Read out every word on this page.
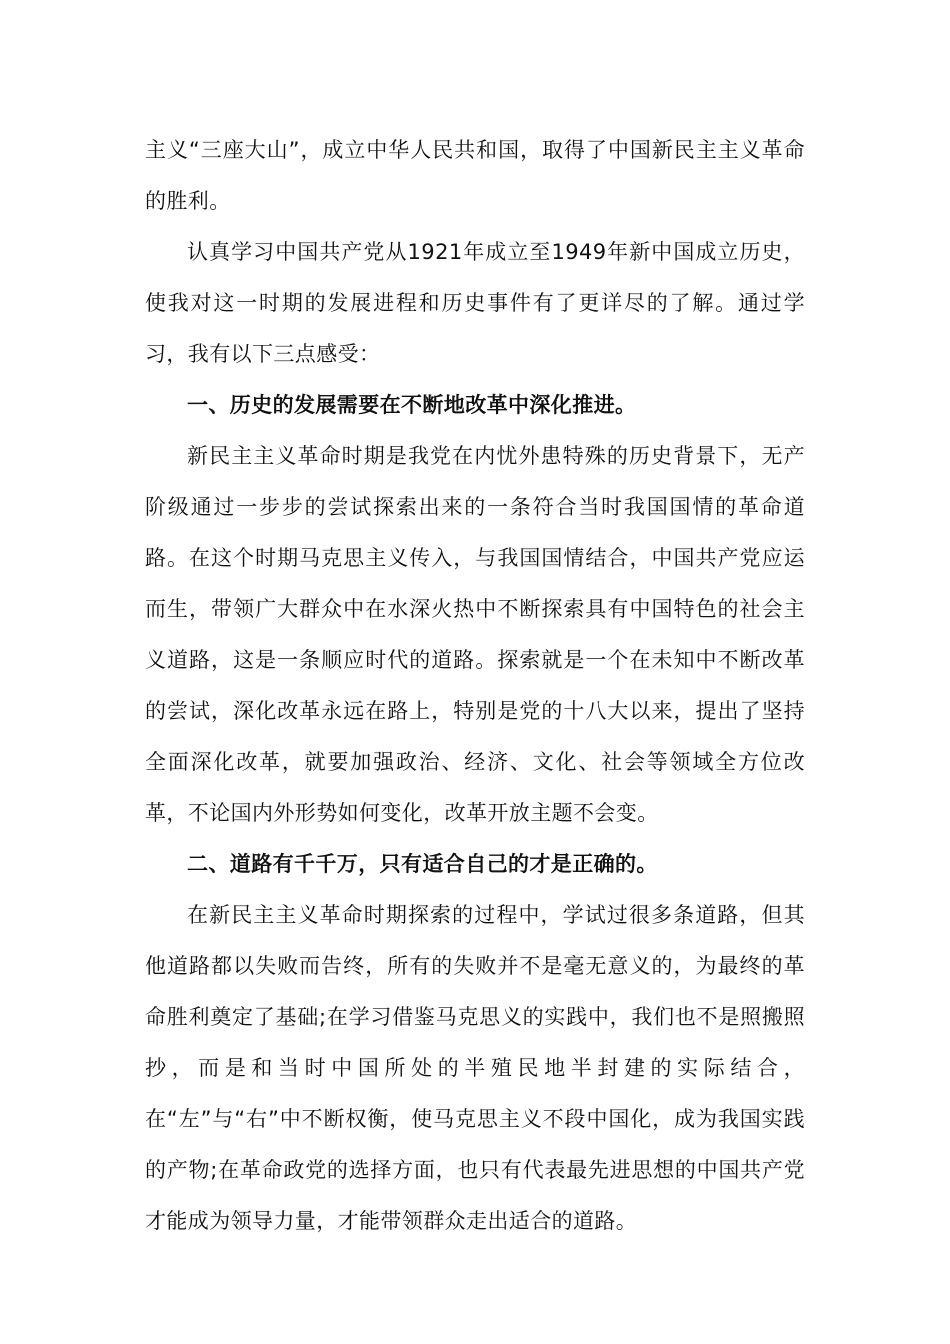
主义“三座大山”，成立中华人民共和国，取得了中国新民主主义革命的胜利。

认真学习中国共产党从1921年成立至1949年新中国成立历史，使我对这一时期的发展进程和历史事件有了更详尽的了解。通过学习，我有以下三点感受：

一、历史的发展需要在不断地改革中深化推进。

新民主主义革命时期是我党在内忧外患特殊的历史背景下，无产阶级通过一步步的尝试探索出来的一条符合当时我国国情的革命道路。在这个时期马克思主义传入，与我国国情结合，中国共产党应运而生，带领广大群众中在水深火热中不断探索具有中国特色的社会主义道路，这是一条顺应时代的道路。探索就是一个在未知中不断改革的尝试，深化改革永远在路上，特别是党的十八大以来，提出了坚持全面深化改革，就要加强政治、经济、文化、社会等领域全方位改革，不论国内外形势如何变化，改革开放主题不会变。

二、道路有千千万，只有适合自己的才是正确的。

在新民主主义革命时期探索的过程中，学试过很多条道路，但其他道路都以失败而告终，所有的失败并不是毫无意义的，为最终的革命胜利奠定了基础;在学习借鉴马克思义的实践中，我们也不是照搬照抄，而是和当时中国所处的半殖民地半封建的实际结合，在“左”与“右”中不断权衡，使马克思主义不段中国化，成为我国实践的产物;在革命政党的选择方面，也只有代表最先进思想的中国共产党才能成为领导力量，才能带领群众走出适合的道路。
